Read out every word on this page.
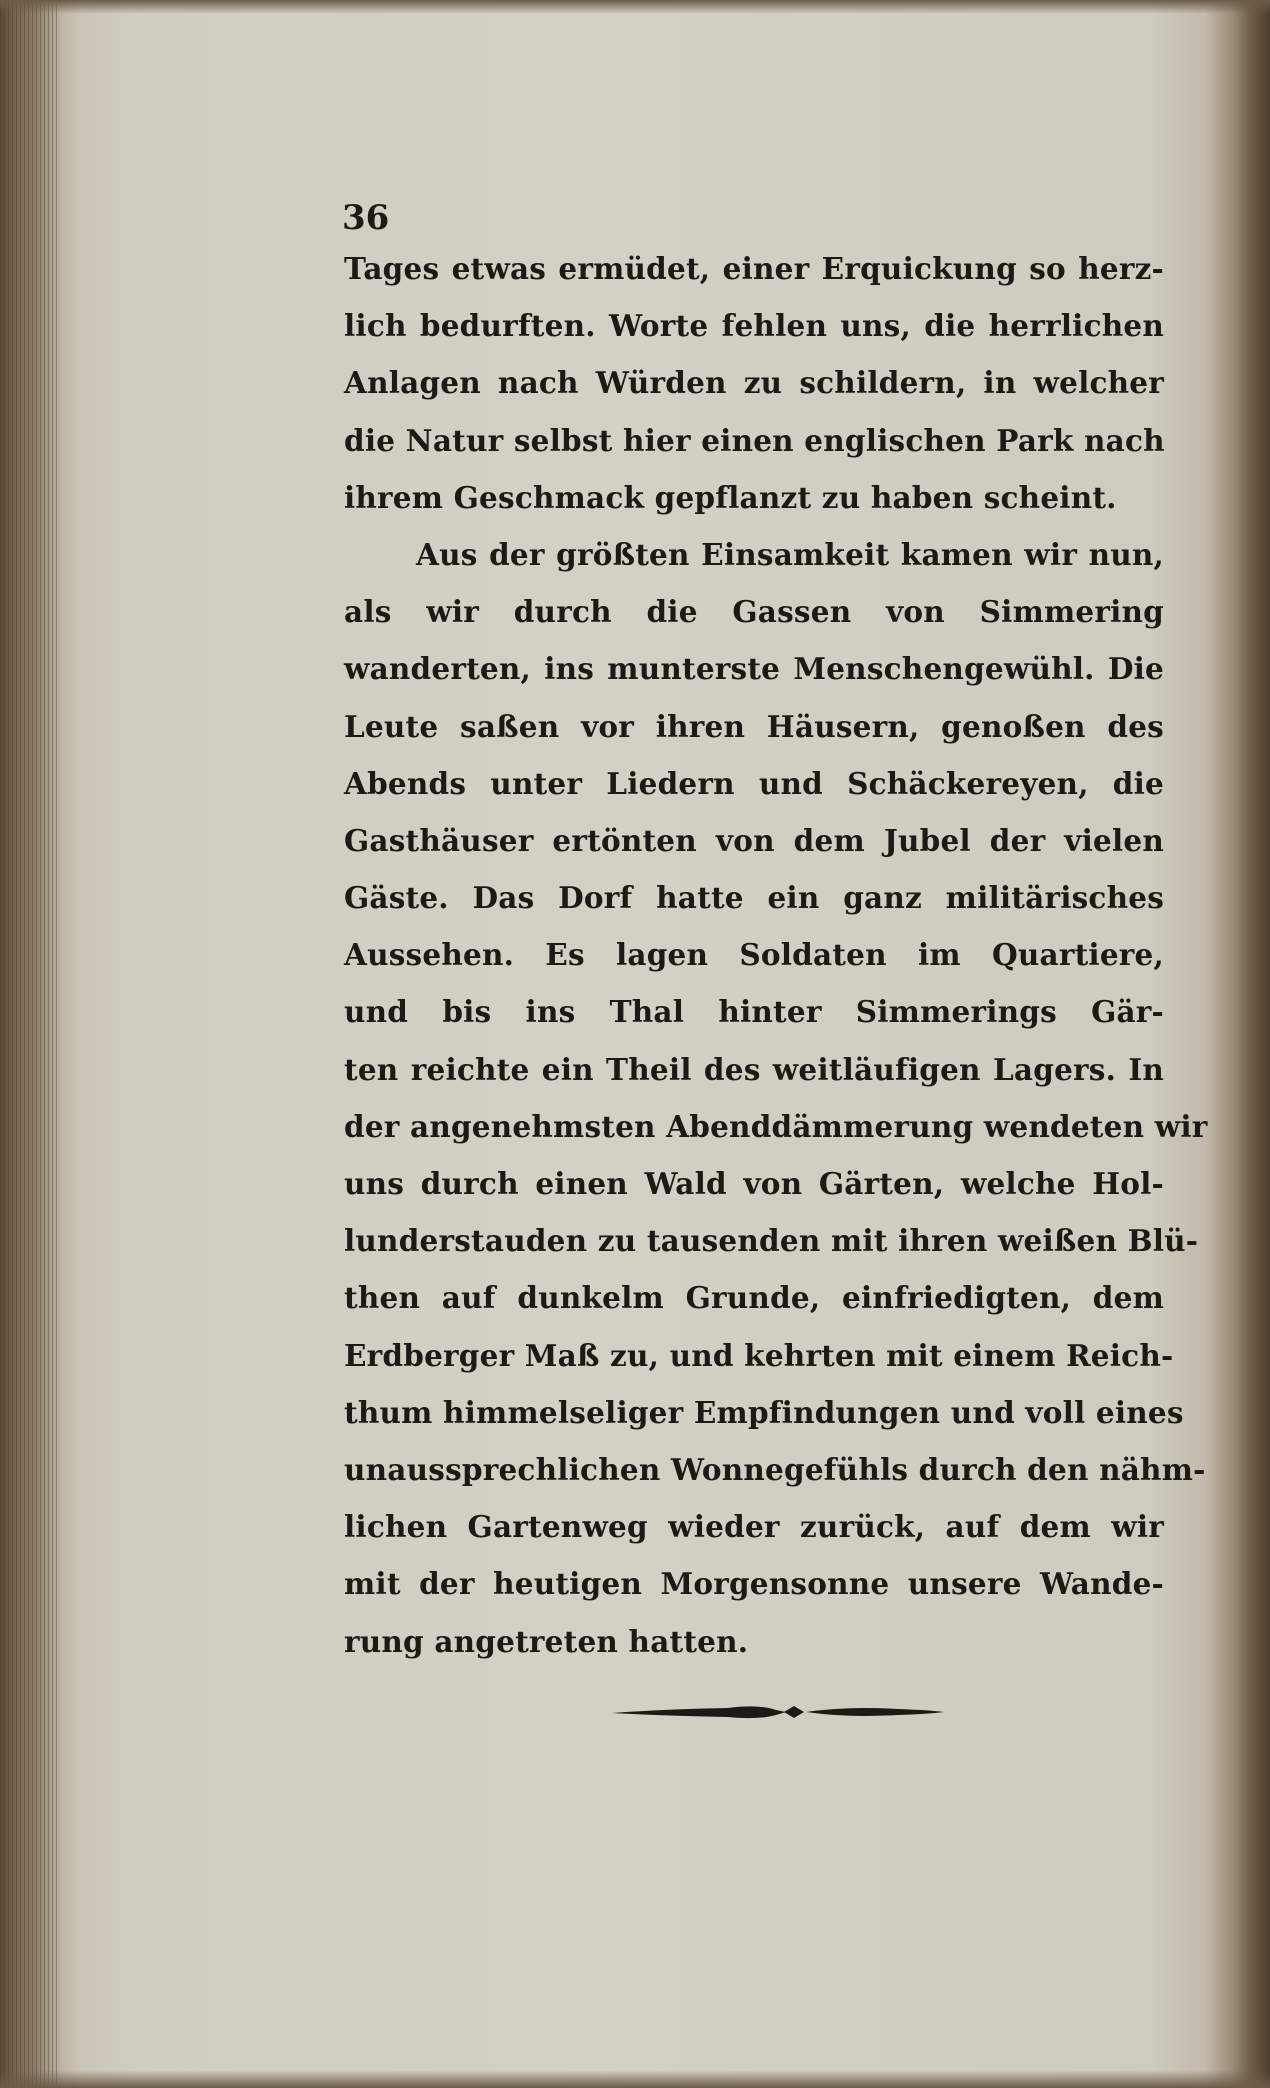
36

Tages etwas ermüdet, einer Erquickung so herz-
lich bedurften. Worte fehlen uns, die herrlichen
Anlagen nach Würden zu schildern, in welcher
die Natur selbst hier einen englischen Park nach
ihrem Geschmack gepflanzt zu haben scheint.
Aus der größten Einsamkeit kamen wir nun,
als wir durch die Gassen von Simmering
wanderten, ins munterste Menschengewühl. Die
Leute saßen vor ihren Häusern, genoßen des
Abends unter Liedern und Schäckereyen, die
Gasthäuser ertönten von dem Jubel der vielen
Gäste. Das Dorf hatte ein ganz militärisches
Aussehen. Es lagen Soldaten im Quartiere,
und bis ins Thal hinter Simmerings Gär-
ten reichte ein Theil des weitläufigen Lagers. In
der angenehmsten Abenddämmerung wendeten wir
uns durch einen Wald von Gärten, welche Hol-
lunderstauden zu tausenden mit ihren weißen Blü-
then auf dunkelm Grunde, einfriedigten, dem
Erdberger Maß zu, und kehrten mit einem Reich-
thum himmelseliger Empfindungen und voll eines
unaussprechlichen Wonnegefühls durch den nähm-
lichen Gartenweg wieder zurück, auf dem wir
mit der heutigen Morgensonne unsere Wande-
rung angetreten hatten.
